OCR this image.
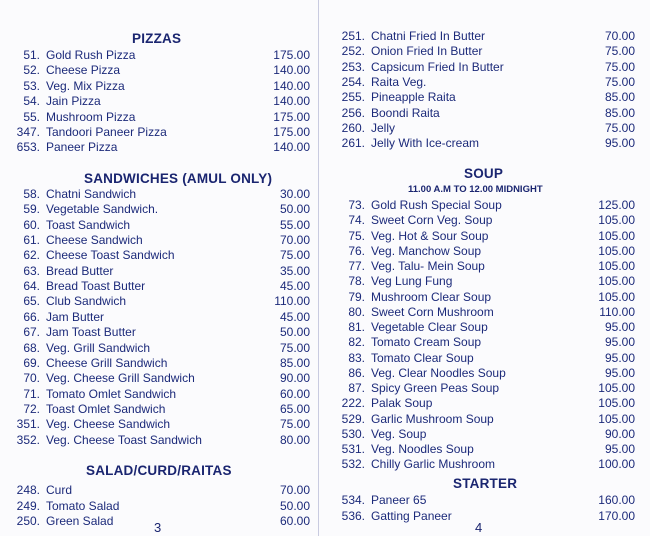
PIZZAS
51. Gold Rush Pizza	175.00
52. Cheese Pizza	140.00
53. Veg. Mix Pizza	140.00
54. Jain Pizza	140.00
55. Mushroom Pizza	175.00
347. Tandoori Paneer Pizza	175.00
653. Paneer Pizza	140.00
SANDWICHES (AMUL ONLY)
58. Chatni Sandwich	30.00
59. Vegetable Sandwich.	50.00
60. Toast Sandwich	55.00
61. Cheese Sandwich	70.00
62. Cheese Toast Sandwich	75.00
63. Bread Butter	35.00
64. Bread Toast Butter	45.00
65. Club Sandwich	110.00
66. Jam Butter	45.00
67. Jam Toast Butter	50.00
68. Veg. Grill Sandwich	75.00
69. Cheese Grill Sandwich	85.00
70. Veg. Cheese Grill Sandwich	90.00
71. Tomato Omlet Sandwich	60.00
72. Toast Omlet Sandwich	65.00
351. Veg. Cheese Sandwich	75.00
352. Veg. Cheese Toast Sandwich	80.00
SALAD/CURD/RAITAS
248. Curd	70.00
249. Tomato Salad	50.00
250. Green Salad	60.00
3
251. Chatni Fried In Butter	70.00
252. Onion Fried In Butter	75.00
253. Capsicum Fried In Butter	75.00
254. Raita Veg.	75.00
255. Pineapple Raita	85.00
256. Boondi Raita	85.00
260. Jelly	75.00
261. Jelly With Ice-cream	95.00
SOUP
11.00 A.M TO 12.00 MIDNIGHT
73. Gold Rush Special Soup	125.00
74. Sweet Corn Veg. Soup	105.00
75. Veg. Hot & Sour Soup	105.00
76. Veg. Manchow Soup	105.00
77. Veg. Talu- Mein Soup	105.00
78. Veg Lung Fung	105.00
79. Mushroom Clear Soup	105.00
80. Sweet Corn Mushroom	110.00
81. Vegetable Clear Soup	95.00
82. Tomato Cream Soup	95.00
83. Tomato Clear Soup	95.00
86. Veg. Clear Noodles Soup	95.00
87. Spicy Green Peas Soup	105.00
222. Palak Soup	105.00
529. Garlic Mushroom Soup	105.00
530. Veg. Soup	90.00
531. Veg. Noodles Soup	95.00
532. Chilly Garlic Mushroom	100.00
STARTER
534. Paneer 65	160.00
536. Gatting Paneer	170.00
4
